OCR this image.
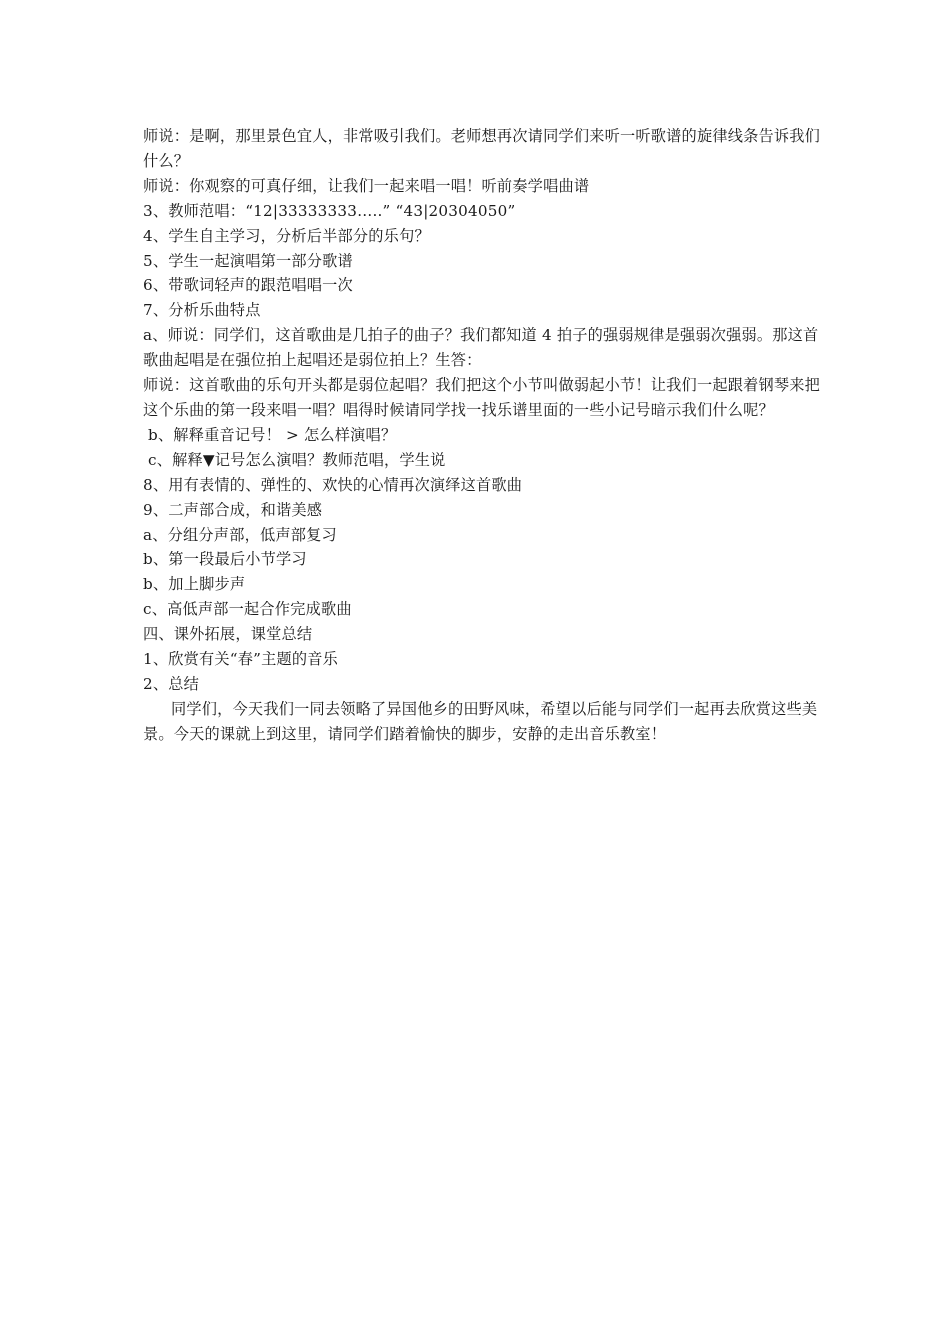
师说：是啊，那里景色宜人，非常吸引我们。老师想再次请同学们来听一听歌谱的旋律线条告诉我们什么？
师说：你观察的可真仔细，让我们一起来唱一唱！听前奏学唱曲谱
3、教师范唱：“12|33333333…..” “43|20304050”
4、学生自主学习，分析后半部分的乐句？
5、学生一起演唱第一部分歌谱
6、带歌词轻声的跟范唱唱一次
7、分析乐曲特点
a、师说：同学们，这首歌曲是几拍子的曲子？我们都知道 4 拍子的强弱规律是强弱次强弱。那这首歌曲起唱是在强位拍上起唱还是弱位拍上？生答：
师说：这首歌曲的乐句开头都是弱位起唱？我们把这个小节叫做弱起小节！让我们一起跟着钢琴来把这个乐曲的第一段来唱一唱？唱得时候请同学找一找乐谱里面的一些小记号暗示我们什么呢？
b、解释重音记号！ > 怎么样演唱？
c、解释▼记号怎么演唱？教师范唱，学生说
8、用有表情的、弹性的、欢快的心情再次演绎这首歌曲
9、二声部合成，和谐美感
a、分组分声部，低声部复习
b、第一段最后小节学习
b、加上脚步声
c、高低声部一起合作完成歌曲
四、课外拓展，课堂总结
1、欣赏有关“春”主题的音乐
2、总结
同学们，今天我们一同去领略了异国他乡的田野风味，希望以后能与同学们一起再去欣赏这些美景。今天的课就上到这里，请同学们踏着愉快的脚步，安静的走出音乐教室！
